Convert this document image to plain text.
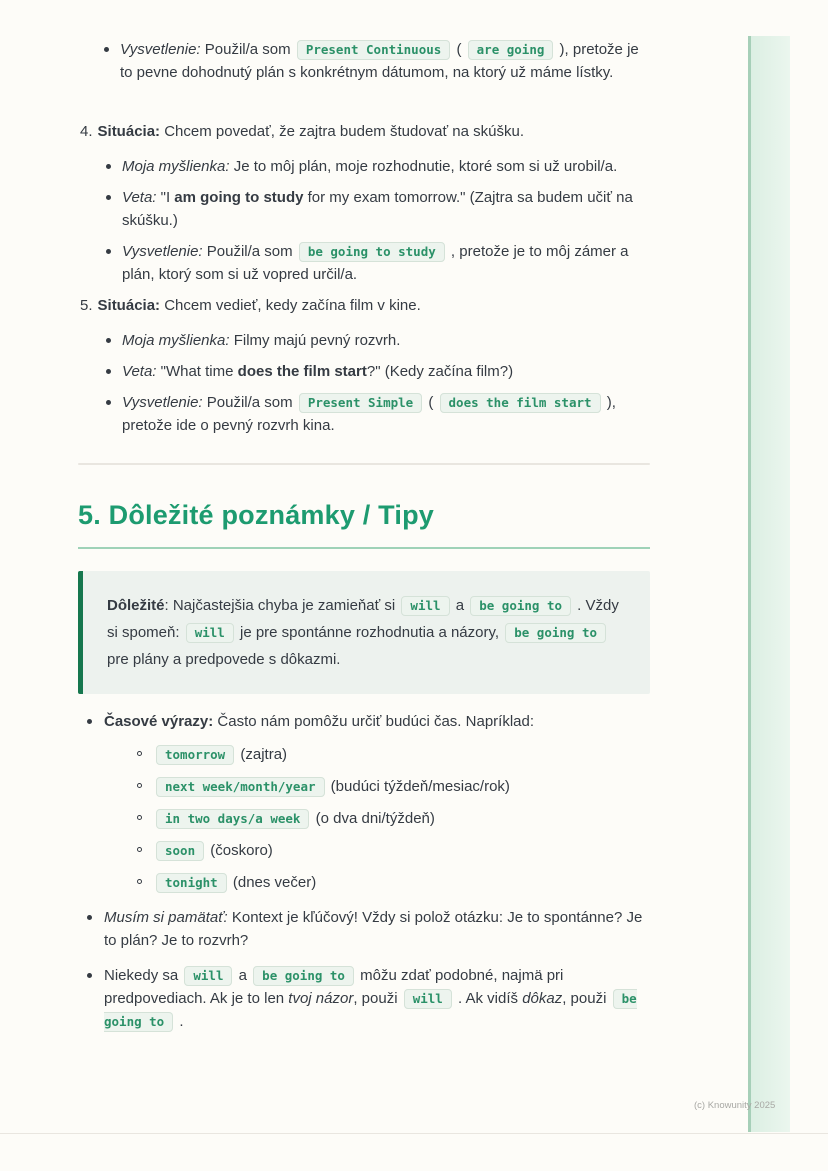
Vysvetlenie: Použil/a som Present Continuous ( are going ), pretože je to pevne dohodnutý plán s konkrétnym dátumom, na ktorý už máme lístky.
4. Situácia: Chcem povedať, že zajtra budem študovať na skúšku.
Moja myšlienka: Je to môj plán, moje rozhodnutie, ktoré som si už urobil/a.
Veta: "I am going to study for my exam tomorrow." (Zajtra sa budem učiť na skúšku.)
Vysvetlenie: Použil/a som be going to study , pretože je to môj zámer a plán, ktorý som si už vopred určil/a.
5. Situácia: Chcem vedieť, kedy začína film v kine.
Moja myšlienka: Filmy majú pevný rozvrh.
Veta: "What time does the film start?" (Kedy začína film?)
Vysvetlenie: Použil/a som Present Simple ( does the film start ), pretože ide o pevný rozvrh kina.
5. Dôležité poznámky / Tipy
Dôležité: Najčastejšia chyba je zamieňať si will a be going to . Vždy si spomeň: will je pre spontánne rozhodnutia a názory, be going to pre plány a predpovede s dôkazmi.
Časové výrazy: Často nám pomôžu určiť budúci čas. Napríklad:
tomorrow (zajtra)
next week/month/year (budúci týždeň/mesiac/rok)
in two days/a week (o dva dni/týždeň)
soon (čoskoro)
tonight (dnes večer)
Musím si pamätať: Kontext je kľúčový! Vždy si polož otázku: Je to spontánne? Je to plán? Je to rozvrh?
Niekedy sa will a be going to môžu zdať podobné, najmä pri predpovediach. Ak je to len tvoj názor, použi will . Ak vidíš dôkaz, použi be going to .
(c) Knowunity 2025
